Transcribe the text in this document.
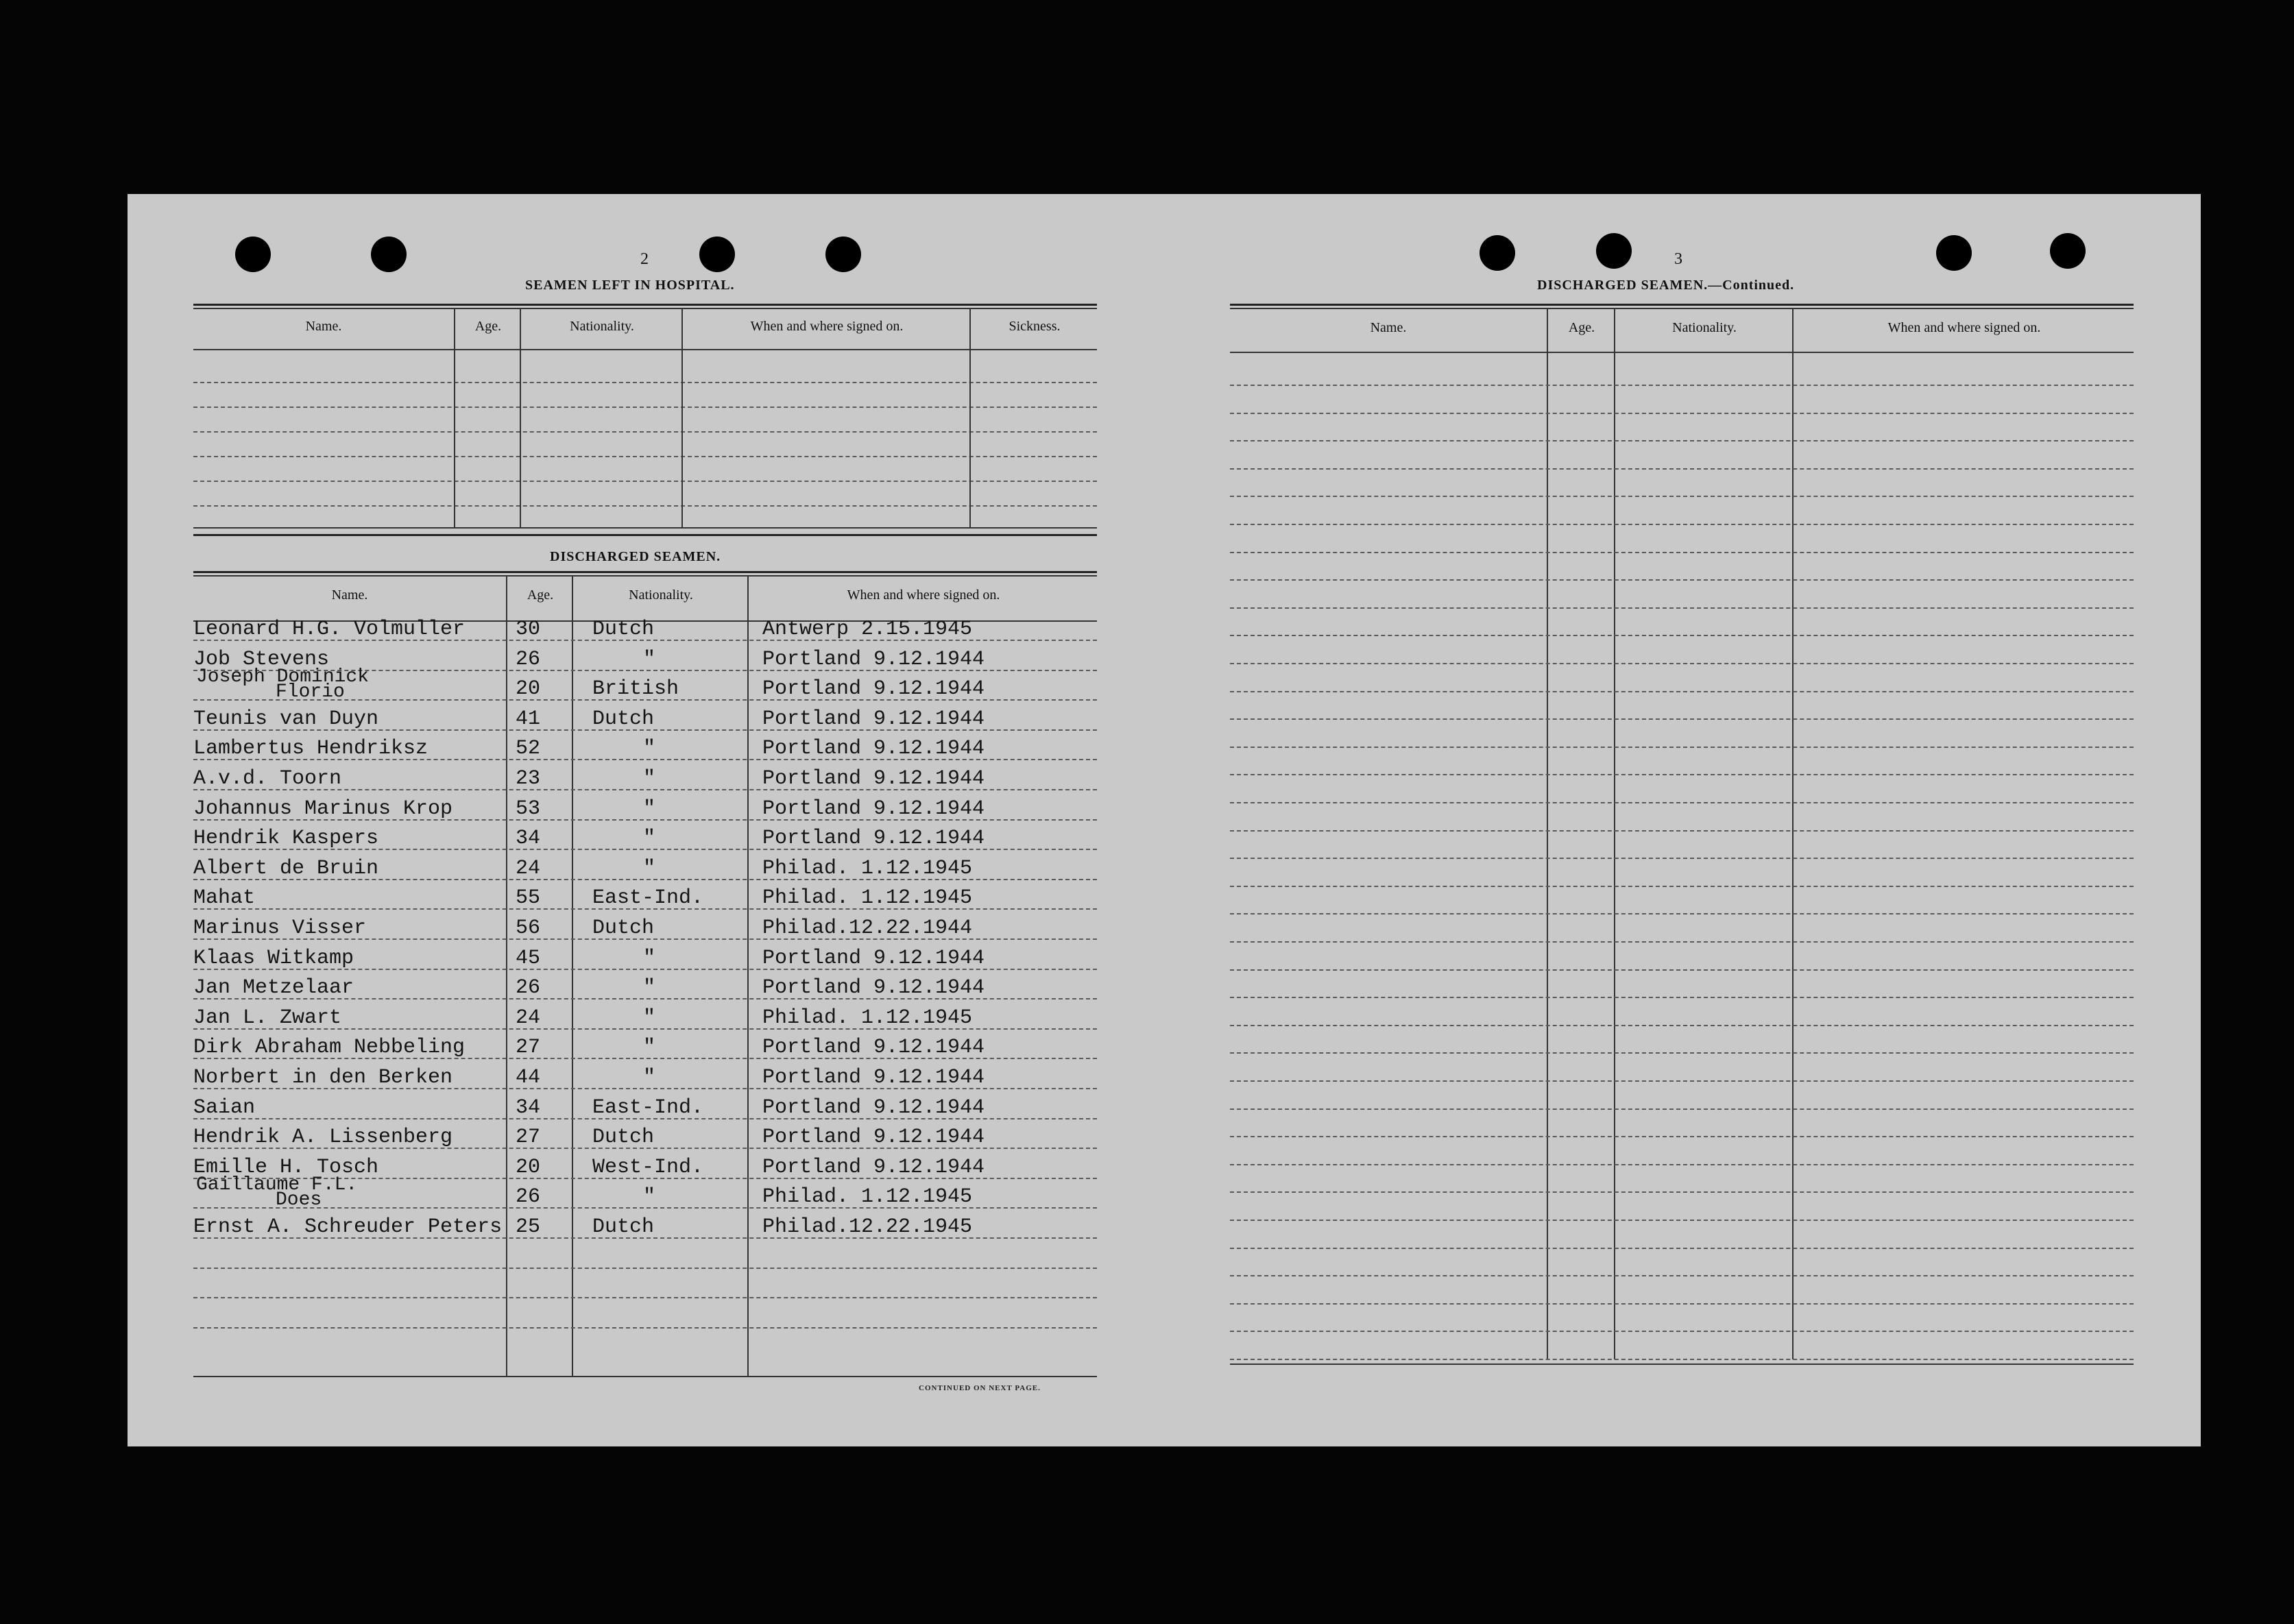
2
SEAMEN LEFT IN HOSPITAL.
Name.	Age.	Nationality.	When and where signed on.	Sickness.
DISCHARGED SEAMEN.
Name.	Age.	Nationality.	When and where signed on.
Leonard H.G. Volmuller 30	Dutch	Antwerp 2.15.1945
Job Stevens	26	"	Portland 9.12.1944
Joseph Dominick
Florio	20	British	Portland 9.12.1944
Teunis van Duyn	41	Dutch	Portland 9.12.1944
Lambertus Hendriksz	52	"	Portland 9.12.1944
A.v.d. Toorn	23	"	Portland 9.12.1944
Johannus Marinus Krop	53	"	Portland 9.12.1944
Hendrik Kaspers	34	"	Portland 9.12.1944
Albert de Bruin	24	"	Philad. 1.12.1945
Mahat	55	East-Ind.	Philad. 1.12.1945
Marinus Visser	56	Dutch	Philad.12.22.1944
Klaas Witkamp	45	"	Portland 9.12.1944
Jan Metzelaar	26	"	Portland 9.12.1944
Jan L. Zwart	24	"	Philad. 1.12.1945
Dirk Abraham Nebbeling 27	"	Portland 9.12.1944
Norbert in den Berken	44	"	Portland 9.12.1944
Saian	34	East-Ind.	Portland 9.12.1944
Hendrik A. Lissenberg	27	Dutch	Portland 9.12.1944
Emille H. Tosch	20	West-Ind.	Portland 9.12.1944
Gaillaume F.L.
Does	26	"	Philad. 1.12.1945
Ernst A. Schreuder Peters 25	Dutch	Philad.12.22.1945
CONTINUED ON NEXT PAGE.
3
DISCHARGED SEAMEN.—Continued.
Name.	Age.	Nationality.	When and where signed on.
